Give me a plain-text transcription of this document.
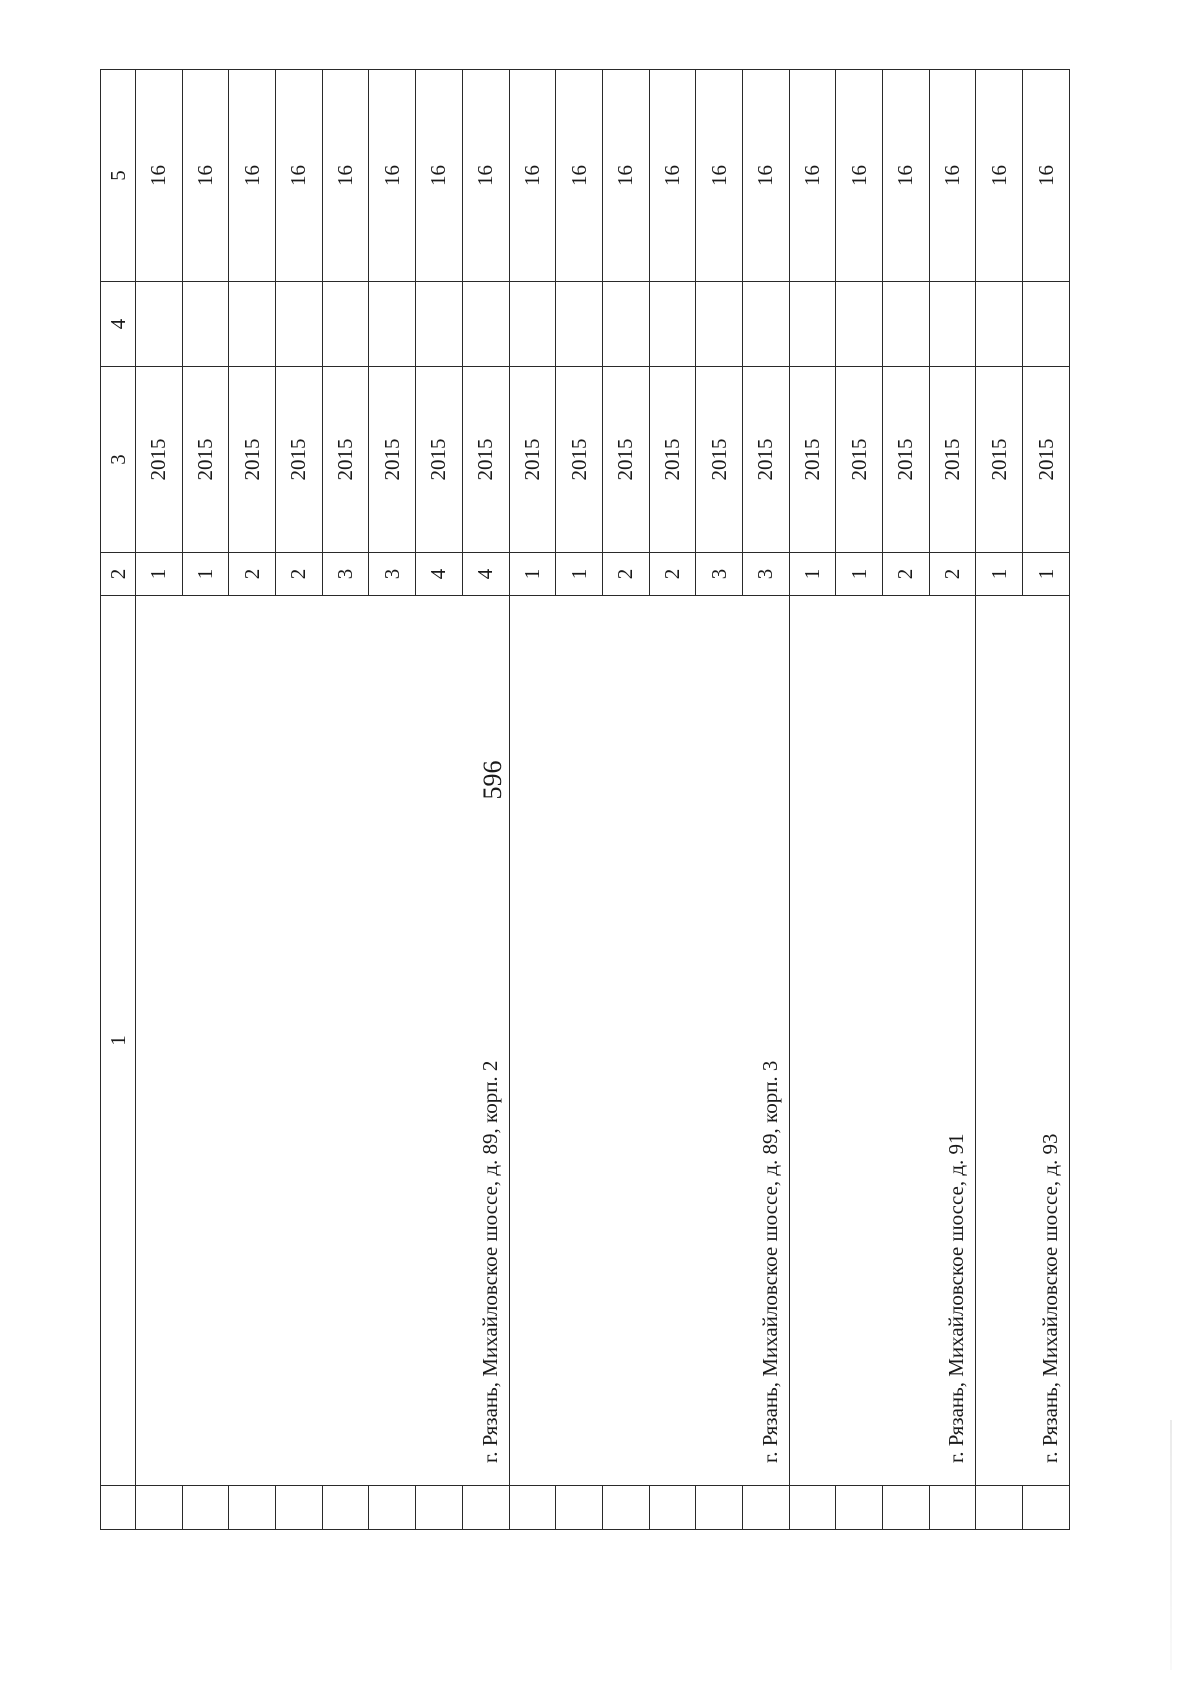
596
	1	2	3	4	5	
	г. Рязань, Михайловское шоссе, д. 89, корп. 2	1	2015		16	
		1	2015		16	
		2	2015		16	
		2	2015		16	
		3	2015		16	
		3	2015		16	
		4	2015		16	
		4	2015		16	
	г. Рязань, Михайловское шоссе, д. 89, корп. 3	1	2015		16	
		1	2015		16	
		2	2015		16	
		2	2015		16	
		3	2015		16	
		3	2015		16	
	г. Рязань, Михайловское шоссе, д. 91	1	2015		16	
		1	2015		16	
		2	2015		16	
		2	2015		16	
	г. Рязань, Михайловское шоссе, д. 93	1	2015		16	
		1	2015		16	
